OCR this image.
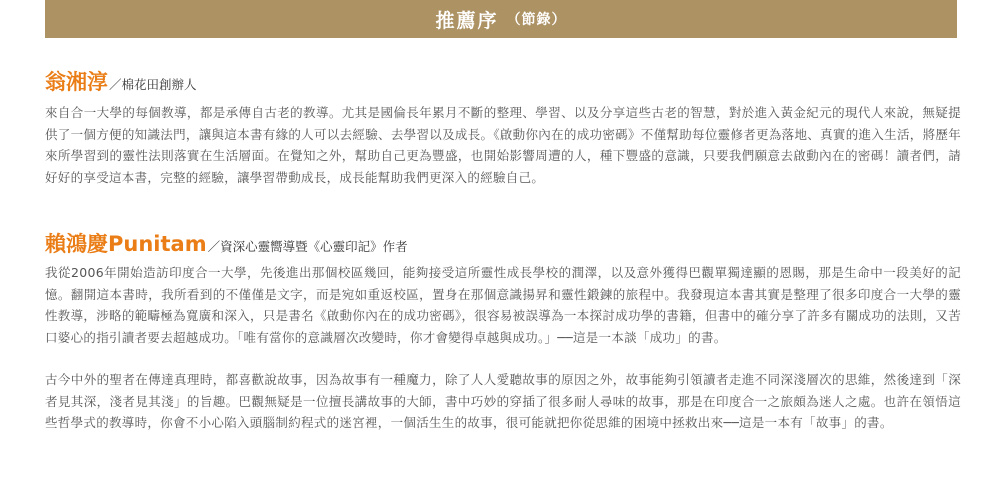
推薦序 （節錄）
翁湘淳 ／棉花田創辦人

來自合一大學的每個教導，都是承傳自古老的教導。尤其是國倫長年累月不斷的整理、學習、以及分享這些古老的智慧，對於進入黃金紀元的現代人來說，無疑提供了一個方便的知識法門，讓與這本書有緣的人可以去經驗、去學習以及成長。《啟動你內在的成功密碼》不僅幫助每位靈修者更為落地、真實的進入生活，將歷年來所學習到的靈性法則落實在生活層面。在覺知之外，幫助自己更為豐盛，也開始影響周遭的人，種下豐盛的意識，只要我們願意去啟動內在的密碼！讀者們，請好好的享受這本書，完整的經驗，讓學習帶動成長，成長能幫助我們更深入的經驗自己。

賴鴻慶Punitam ／資深心靈嚮導暨《心靈印記》作者

我從2006年開始造訪印度合一大學，先後進出那個校區幾回，能夠接受這所靈性成長學校的潤澤，以及意外獲得巴觀單獨達顯的恩賜，那是生命中一段美好的記憶。翻開這本書時，我所看到的不僅僅是文字，而是宛如重返校區，置身在那個意識揚昇和靈性鍛鍊的旅程中。我發現這本書其實是整理了很多印度合一大學的靈性教導，涉略的範疇極為寬廣和深入，只是書名《啟動你內在的成功密碼》，很容易被誤導為一本探討成功學的書籍，但書中的確分享了許多有關成功的法則，又苦口婆心的指引讀者要去超越成功。「唯有當你的意識層次改變時，你才會變得卓越與成功。」──這是一本談「成功」的書。

古今中外的聖者在傳達真理時，都喜歡說故事，因為故事有一種魔力，除了人人愛聽故事的原因之外，故事能夠引領讀者走進不同深淺層次的思維，然後達到「深者見其深，淺者見其淺」的旨趣。巴觀無疑是一位擅長講故事的大師，書中巧妙的穿插了很多耐人尋味的故事，那是在印度合一之旅頗為迷人之處。也許在領悟這些哲學式的教導時，你會不小心陷入頭腦制約程式的迷宮裡，一個活生生的故事，很可能就把你從思維的困境中拯救出來──這是一本有「故事」的書。
